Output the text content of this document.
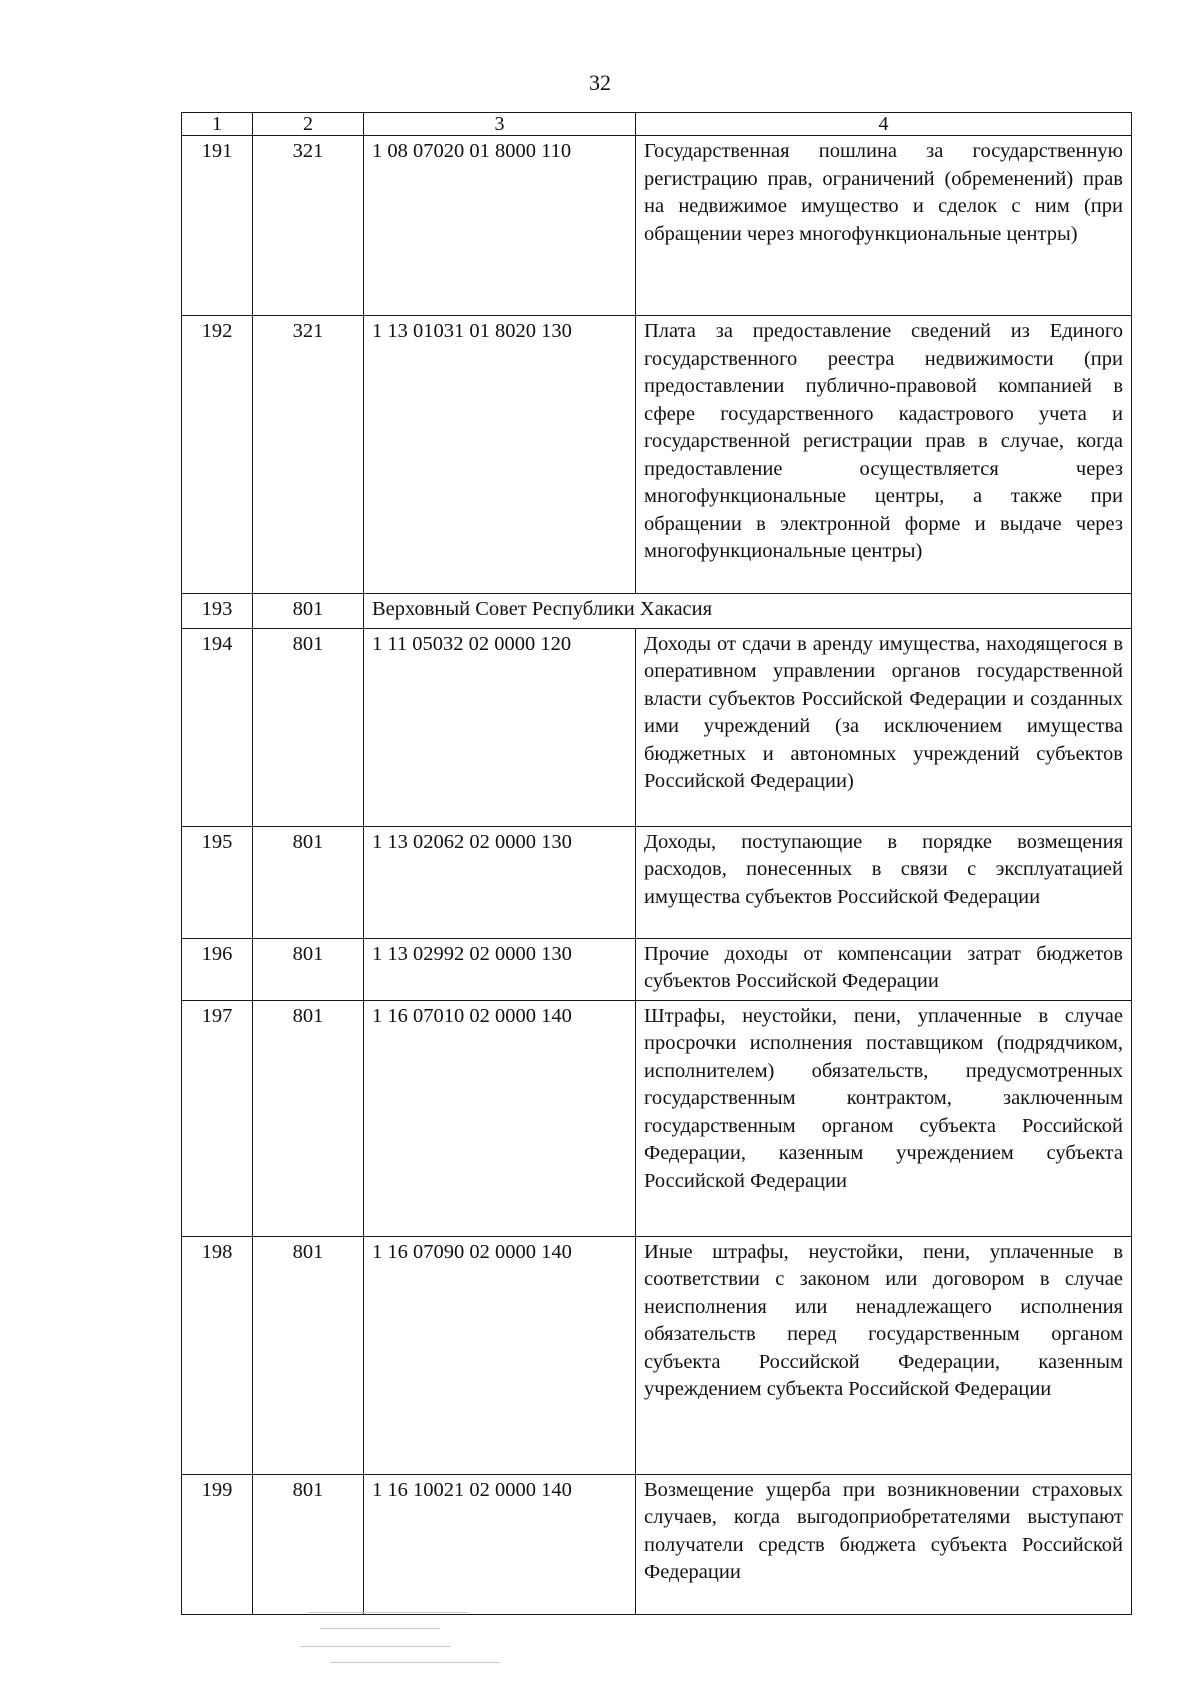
32
1	2	3	4
191	321	1 08 07020 01 8000 110	Государственная пошлина за государственную регистрацию прав, ограничений (обременений) прав на недвижимое имущество и сделок с ним (при обращении через многофункциональные центры)
192	321	1 13 01031 01 8020 130	Плата за предоставление сведений из Единого государственного реестра недвижимости (при предоставлении публично-правовой компанией в сфере государственного кадастрового учета и государственной регистрации прав в случае, когда предоставление осуществляется через многофункциональные центры, а также при обращении в электронной форме и выдаче через многофункциональные центры)
193	801	Верховный Совет Республики Хакасия	
194	801	1 11 05032 02 0000 120	Доходы от сдачи в аренду имущества, находящегося в оперативном управлении органов государственной власти субъектов Российской Федерации и созданных ими учреждений (за исключением имущества бюджетных и автономных учреждений субъектов Российской Федерации)
195	801	1 13 02062 02 0000 130	Доходы, поступающие в порядке возмещения расходов, понесенных в связи с эксплуатацией имущества субъектов Российской Федерации
196	801	1 13 02992 02 0000 130	Прочие доходы от компенсации затрат бюджетов субъектов Российской Федерации
197	801	1 16 07010 02 0000 140	Штрафы, неустойки, пени, уплаченные в случае просрочки исполнения поставщиком (подрядчиком, исполнителем) обязательств, предусмотренных государственным контрактом, заключенным государственным органом субъекта Российской Федерации, казенным учреждением субъекта Российской Федерации
198	801	1 16 07090 02 0000 140	Иные штрафы, неустойки, пени, уплаченные в соответствии с законом или договором в случае неисполнения или ненадлежащего исполнения обязательств перед государственным органом субъекта Российской Федерации, казенным учреждением субъекта Российской Федерации
199	801	1 16 10021 02 0000 140	Возмещение ущерба при возникновении страховых случаев, когда выгодоприобретателями выступают получатели средств бюджета субъекта Российской Федерации
